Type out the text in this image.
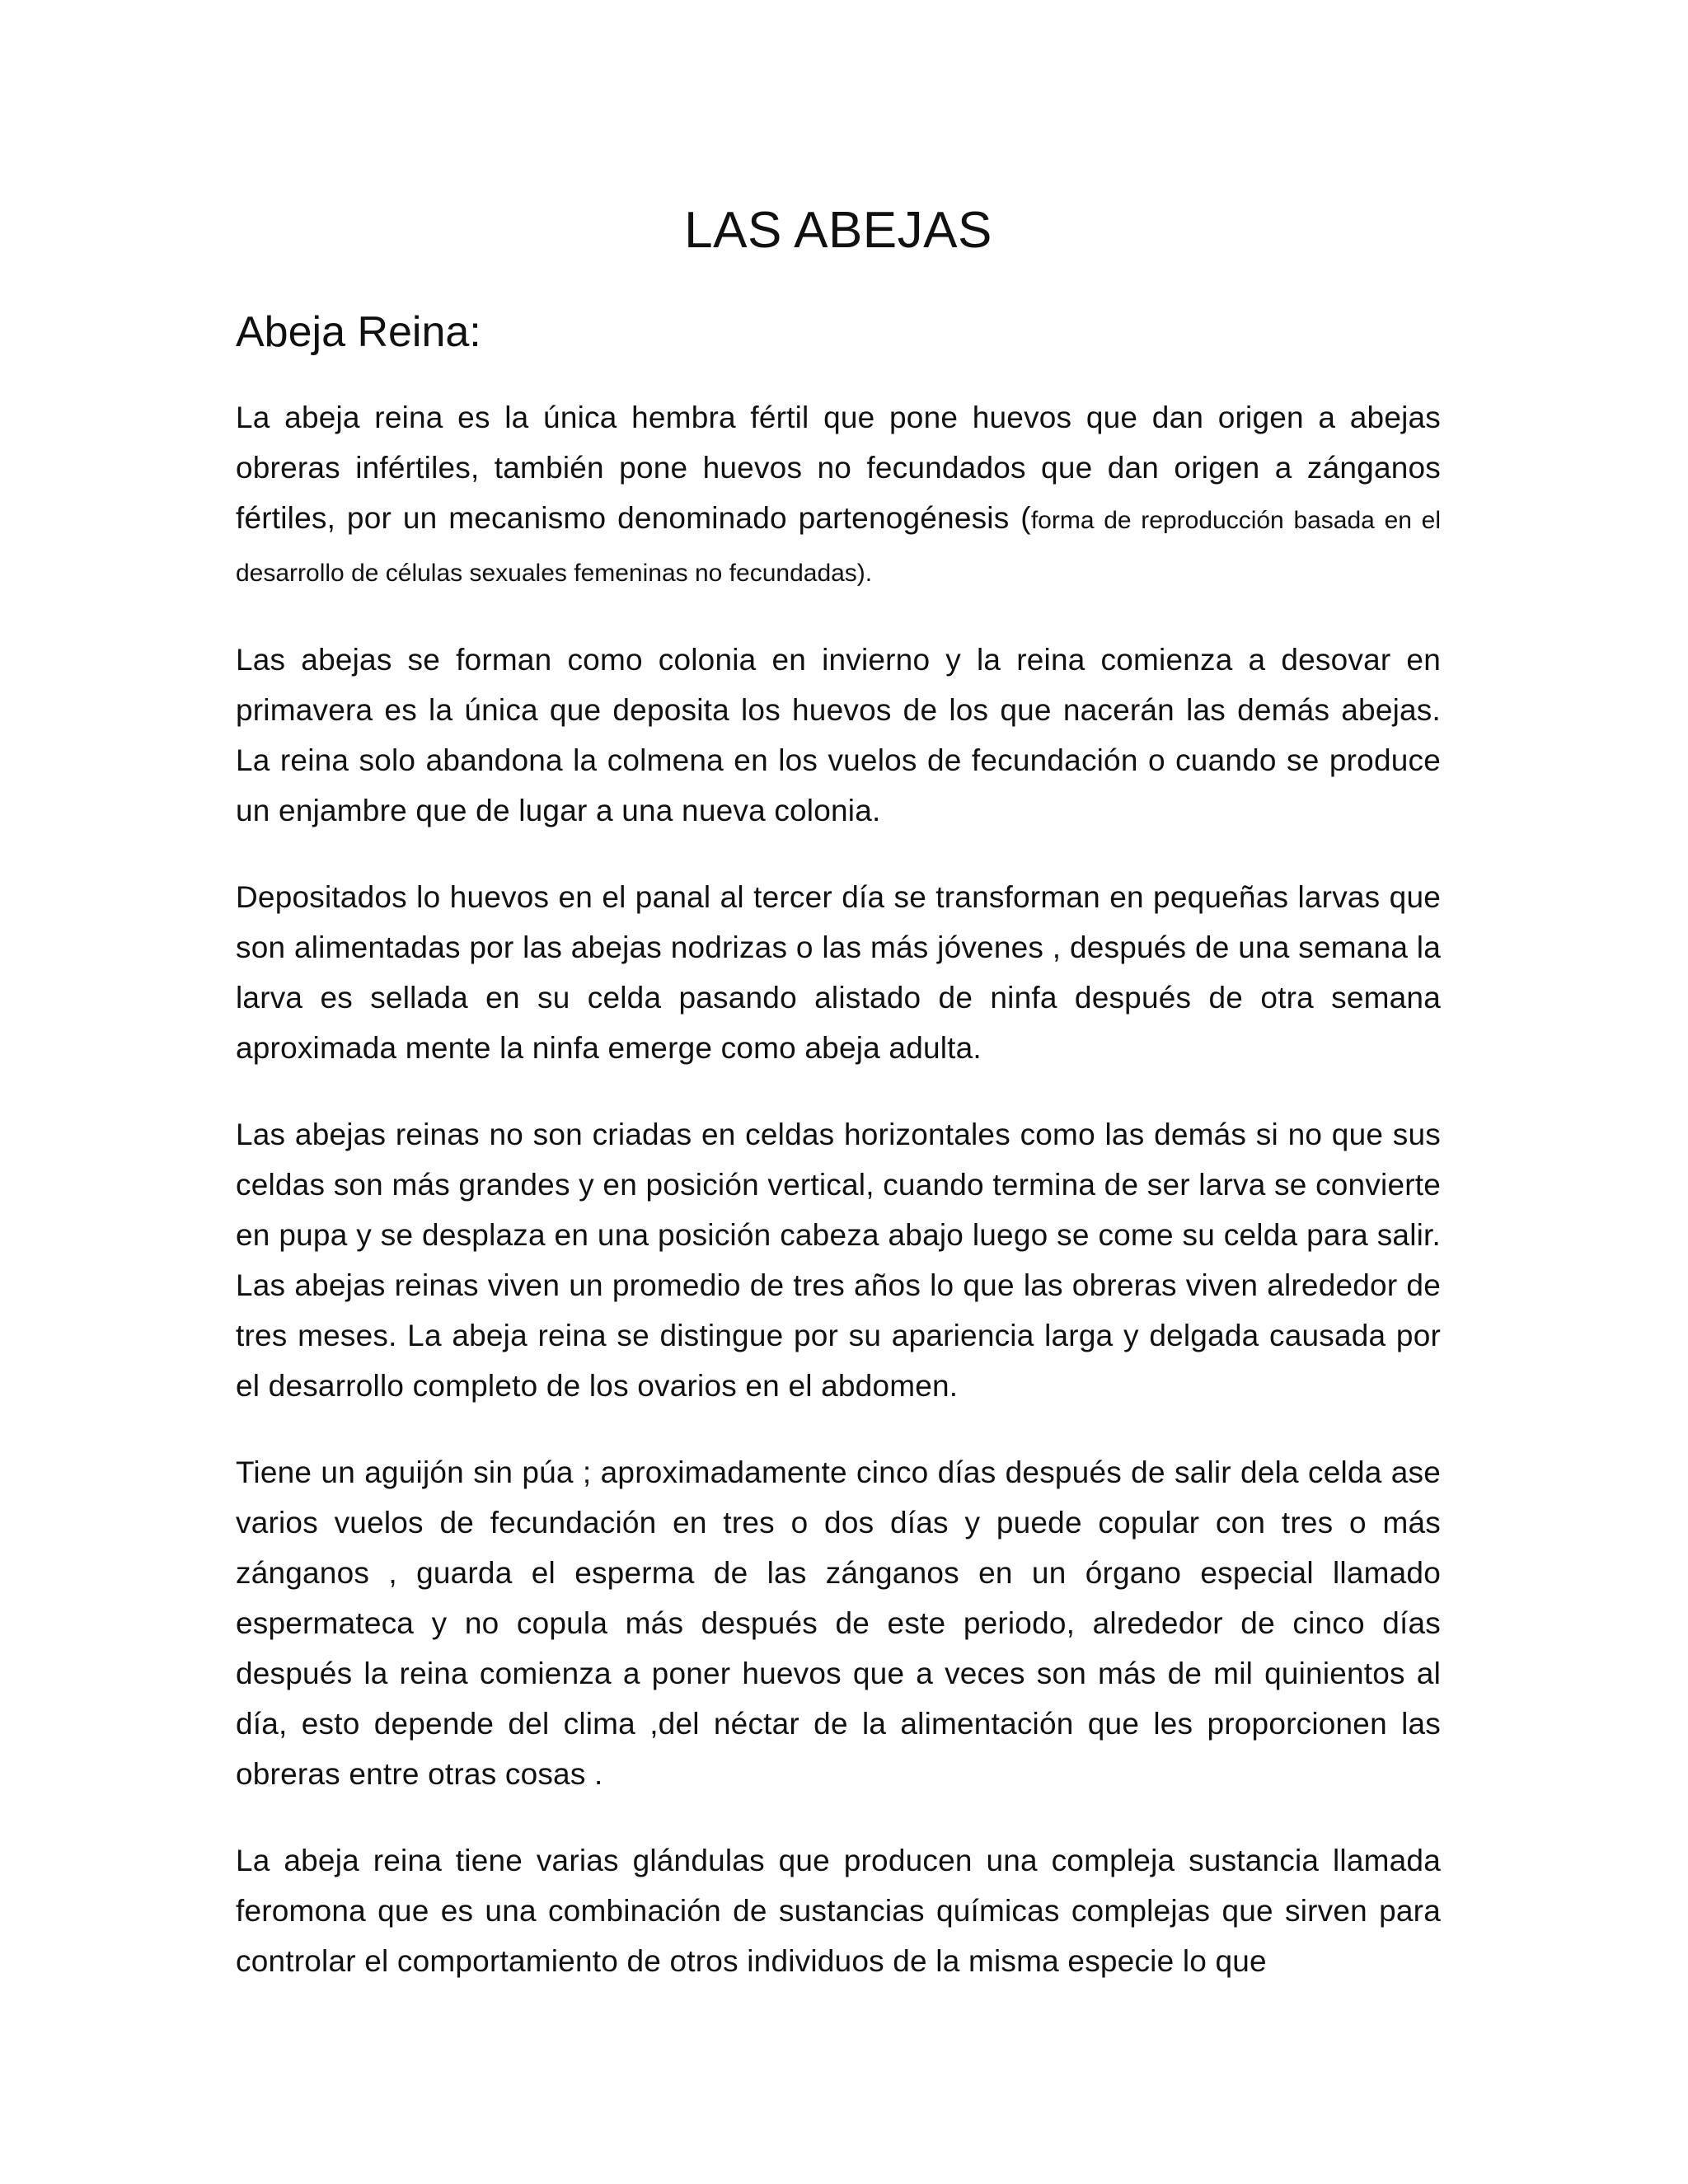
LAS ABEJAS
Abeja Reina:

La abeja reina es la única hembra fértil que pone huevos que dan origen a abejas obreras infértiles, también pone huevos no fecundados que dan origen a zánganos fértiles, por un mecanismo denominado partenogénesis (forma de reproducción basada en el desarrollo de células sexuales femeninas no fecundadas).

Las abejas se forman como colonia en invierno y la reina comienza a desovar en primavera es la única que deposita los huevos de los que nacerán las demás abejas. La reina solo abandona la colmena en los vuelos de fecundación o cuando se produce un enjambre que de lugar a una nueva colonia.

Depositados lo huevos en el panal al tercer día se transforman en pequeñas larvas que son alimentadas por las abejas nodrizas o las más jóvenes , después de una semana la larva es sellada en su celda pasando alistado de ninfa después de otra semana aproximada mente la ninfa emerge como abeja adulta.

Las abejas reinas no son criadas en celdas horizontales como las demás si no que sus celdas son más grandes y en posición vertical, cuando termina de ser larva se convierte en pupa y se desplaza en una posición cabeza abajo luego se come su celda para salir. Las abejas reinas viven un promedio de tres años lo que las obreras viven alrededor de tres meses. La abeja reina se distingue por su apariencia larga y delgada causada por el desarrollo completo de los ovarios en el abdomen.

Tiene un aguijón sin púa ; aproximadamente cinco días después de salir dela celda ase varios vuelos de fecundación en tres o dos días y puede copular con tres o más zánganos , guarda el esperma de las zánganos en un órgano especial llamado espermateca y no copula más después de este periodo, alrededor de cinco días después la reina comienza a poner huevos que a veces son más de mil quinientos al día, esto depende del clima ,del néctar de la alimentación que les proporcionen las obreras entre otras cosas .

La abeja reina tiene varias glándulas que producen una compleja sustancia llamada feromona que es una combinación de sustancias químicas complejas que sirven para controlar el comportamiento de otros individuos de la misma especie lo que
